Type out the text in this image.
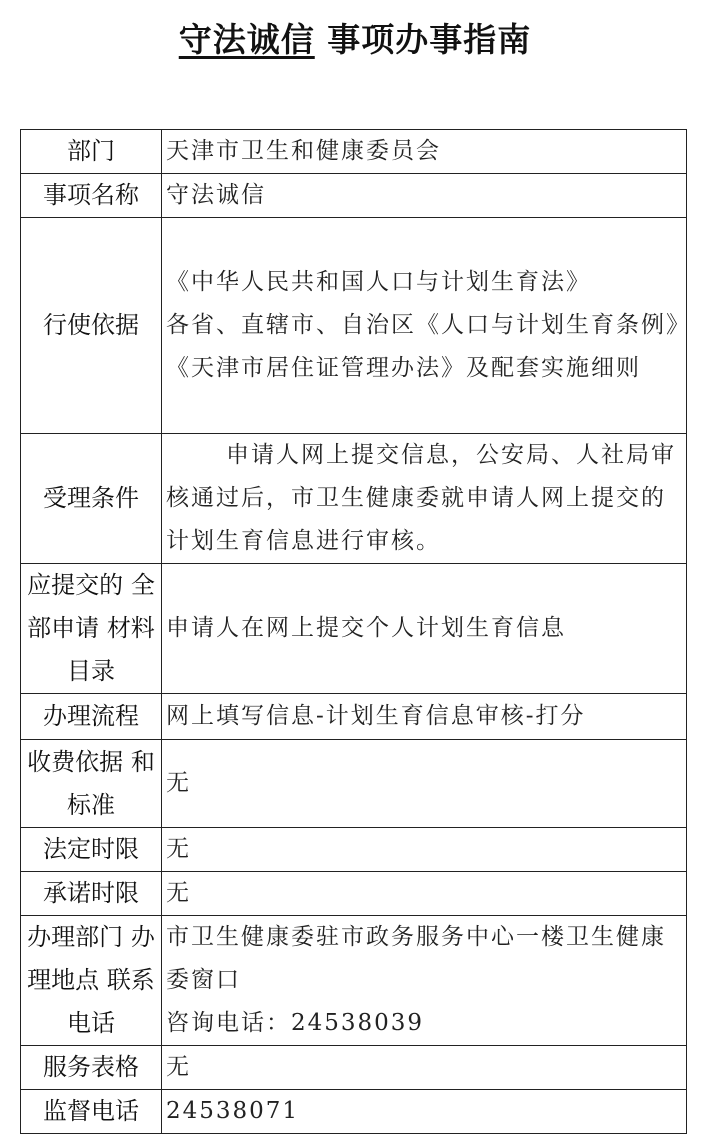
守法诚信 事项办事指南
部门	天津市卫生和健康委员会
事项名称	守法诚信
行使依据	《中华人民共和国人口与计划生育法》
各省、直辖市、自治区《人口与计划生育条例》
《天津市居住证管理办法》及配套实施细则

受理条件	申请人网上提交信息，公安局、人社局审核通过后，市卫生健康委就申请人网上提交的计划生育信息进行审核。

应提交的 全部申请 材料目录	申请人在网上提交个人计划生育信息
办理流程	网上填写信息-计划生育信息审核-打分
收费依据 和标准	无
法定时限	无
承诺时限	无
办理部门 办理地点 联系电话	市卫生健康委驻市政务服务中心一楼卫生健康委窗口
咨询电话：24538039

服务表格	无
监督电话	24538071
